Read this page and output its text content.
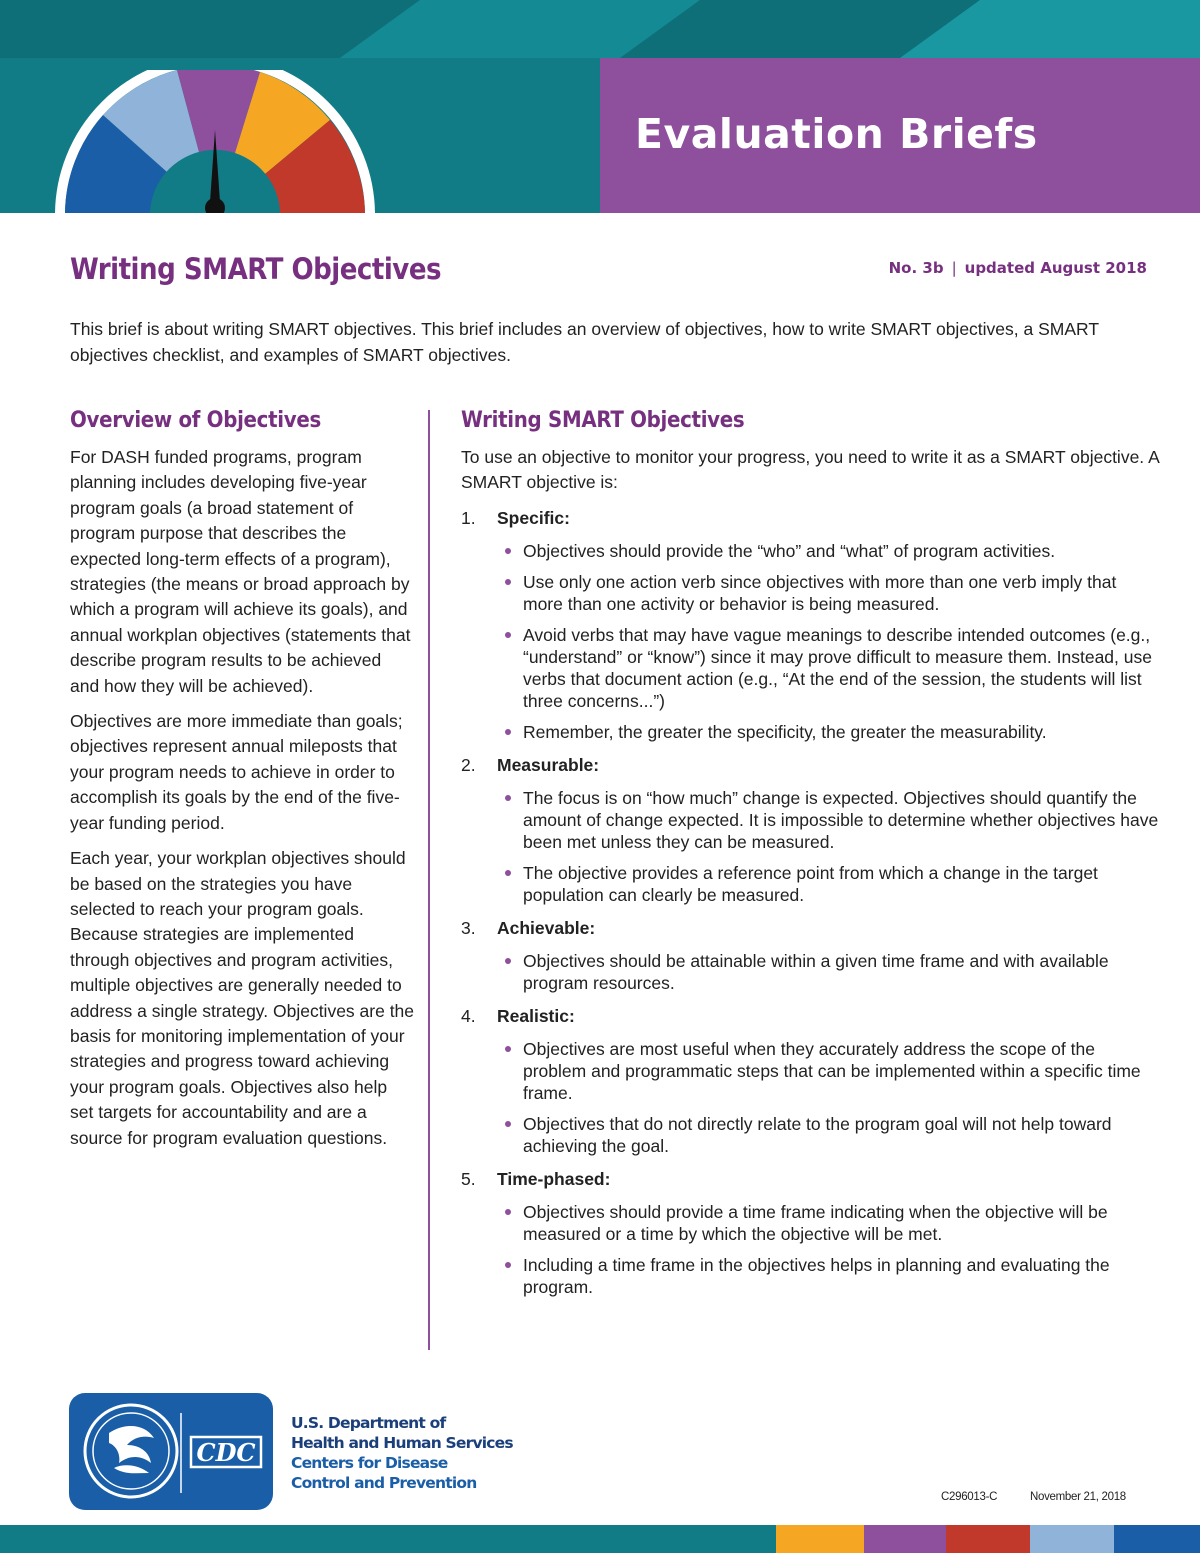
Evaluation Briefs
Writing SMART Objectives	No. 3b | updated August 2018

This brief is about writing SMART objectives. This brief includes an overview of objectives, how to write SMART objectives, a SMART objectives checklist, and examples of SMART objectives.

Overview of Objectives

For DASH funded programs, program planning includes developing five-year program goals (a broad statement of program purpose that describes the expected long-term effects of a program), strategies (the means or broad approach by which a program will achieve its goals), and annual workplan objectives (statements that describe program results to be achieved and how they will be achieved).

Objectives are more immediate than goals; objectives represent annual mileposts that your program needs to achieve in order to accomplish its goals by the end of the five-year funding period.

Each year, your workplan objectives should be based on the strategies you have selected to reach your program goals. Because strategies are implemented through objectives and program activities, multiple objectives are generally needed to address a single strategy. Objectives are the basis for monitoring implementation of your strategies and progress toward achieving your program goals. Objectives also help set targets for accountability and are a source for program evaluation questions.

Writing SMART Objectives

To use an objective to monitor your progress, you need to write it as a SMART objective. A SMART objective is:

1.	Specific:
Objectives should provide the “who” and “what” of program activities.
Use only one action verb since objectives with more than one verb imply that more than one activity or behavior is being measured.
Avoid verbs that may have vague meanings to describe intended outcomes (e.g., “understand” or “know”) since it may prove difficult to measure them. Instead, use verbs that document action (e.g., “At the end of the session, the students will list three concerns...”)
Remember, the greater the specificity, the greater the measurability.
2.	Measurable:
The focus is on “how much” change is expected. Objectives should quantify the amount of change expected. It is impossible to determine whether objectives have been met unless they can be measured.
The objective provides a reference point from which a change in the target population can clearly be measured.
3.	Achievable:
Objectives should be attainable within a given time frame and with available program resources.
4.	Realistic:
Objectives are most useful when they accurately address the scope of the problem and programmatic steps that can be implemented within a specific time frame.
Objectives that do not directly relate to the program goal will not help toward achieving the goal.
5.	Time-phased:
Objectives should provide a time frame indicating when the objective will be measured or a time by which the objective will be met.
Including a time frame in the objectives helps in planning and evaluating the program.
CDC
U.S. Department of
Health and Human Services
Centers for Disease
Control and Prevention
C296013-C	November 21, 2018
